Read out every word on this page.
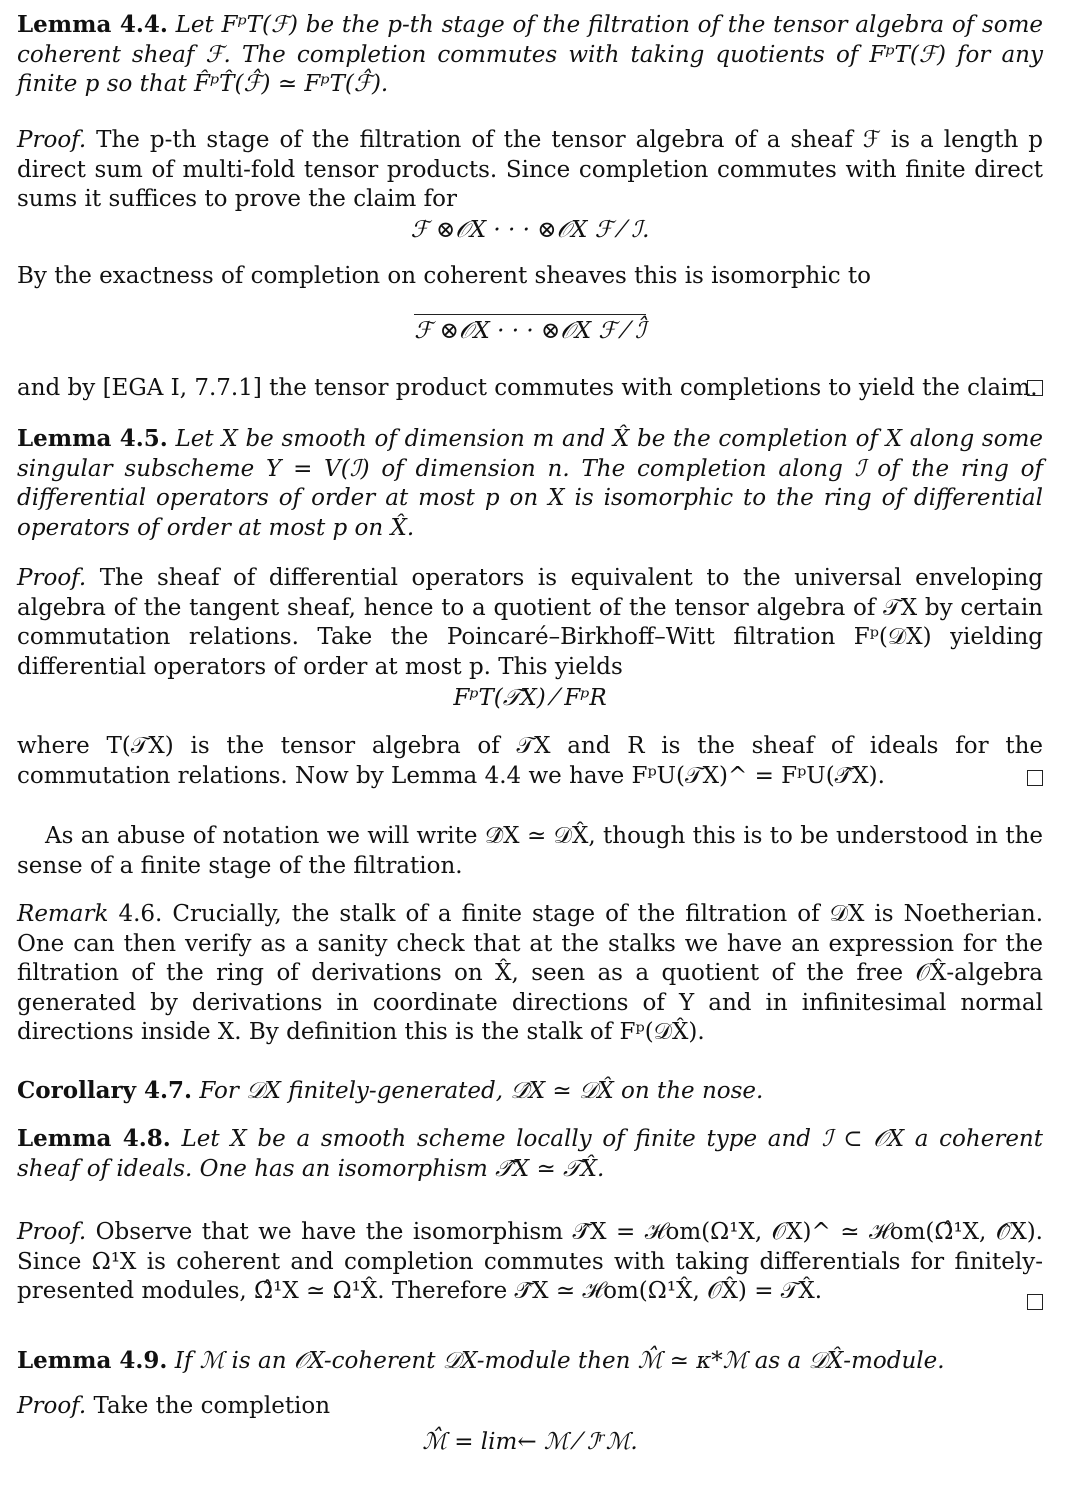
Lemma 4.4. Let FᵖT(ℱ) be the p-th stage of the filtration of the tensor algebra of some coherent sheaf ℱ. The completion commutes with taking quotients of FᵖT(ℱ) for any finite p so that F̂ᵖT̂(ℱ̂) ≃ FᵖT(ℱ̂).

Proof. The p-th stage of the filtration of the tensor algebra of a sheaf ℱ is a length p direct sum of multi-fold tensor products. Since completion commutes with finite direct sums it suffices to prove the claim for

ℱ ⊗𝒪X · · · ⊗𝒪X ℱ ⁄ ℐ.

By the exactness of completion on coherent sheaves this is isomorphic to

ℱ ⊗𝒪X · · · ⊗𝒪X ℱ ⁄ ℐ̂

and by [EGA I, 7.7.1] the tensor product commutes with completions to yield the claim.

Lemma 4.5. Let X be smooth of dimension m and X̂ be the completion of X along some singular subscheme Y = V(ℐ) of dimension n. The completion along ℐ of the ring of differential operators of order at most p on X is isomorphic to the ring of differential operators of order at most p on X̂.

Proof. The sheaf of differential operators is equivalent to the universal enveloping algebra of the tangent sheaf, hence to a quotient of the tensor algebra of 𝒯X by certain commutation relations. Take the Poincaré–Birkhoff–Witt filtration Fᵖ(𝒟X) yielding differential operators of order at most p. This yields

FᵖT(𝒯X) ⁄ FᵖR

where T(𝒯X) is the tensor algebra of 𝒯X and R is the sheaf of ideals for the commutation relations. Now by Lemma 4.4 we have FᵖU(𝒯X)^ = FᵖU(𝒯̂X).

As an abuse of notation we will write 𝒟̂X ≃ 𝒟X̂, though this is to be understood in the sense of a finite stage of the filtration.

Remark 4.6. Crucially, the stalk of a finite stage of the filtration of 𝒟X is Noetherian. One can then verify as a sanity check that at the stalks we have an expression for the filtration of the ring of derivations on X̂, seen as a quotient of the free 𝒪X̂-algebra generated by derivations in coordinate directions of Y and in infinitesimal normal directions inside X. By definition this is the stalk of Fᵖ(𝒟X̂).

Corollary 4.7. For 𝒟X finitely-generated, 𝒟̂X ≃ 𝒟X̂ on the nose.

Lemma 4.8. Let X be a smooth scheme locally of finite type and ℐ ⊂ 𝒪X a coherent sheaf of ideals. One has an isomorphism 𝒯̂X ≃ 𝒯X̂.

Proof. Observe that we have the isomorphism 𝒯̂X = ℋom(Ω¹X, 𝒪X)^ ≃ ℋom(Ω̂¹X, 𝒪̂X). Since Ω¹X is coherent and completion commutes with taking differentials for finitely-presented modules, Ω̂¹X ≃ Ω¹X̂. Therefore 𝒯̂X ≃ ℋom(Ω¹X̂, 𝒪X̂) = 𝒯X̂.

Lemma 4.9. If ℳ is an 𝒪X-coherent 𝒟X-module then ℳ̂ ≃ κ*ℳ as a 𝒟X̂-module.

Proof. Take the completion

ℳ̂ = lim← ℳ ⁄ ℐʳℳ.
